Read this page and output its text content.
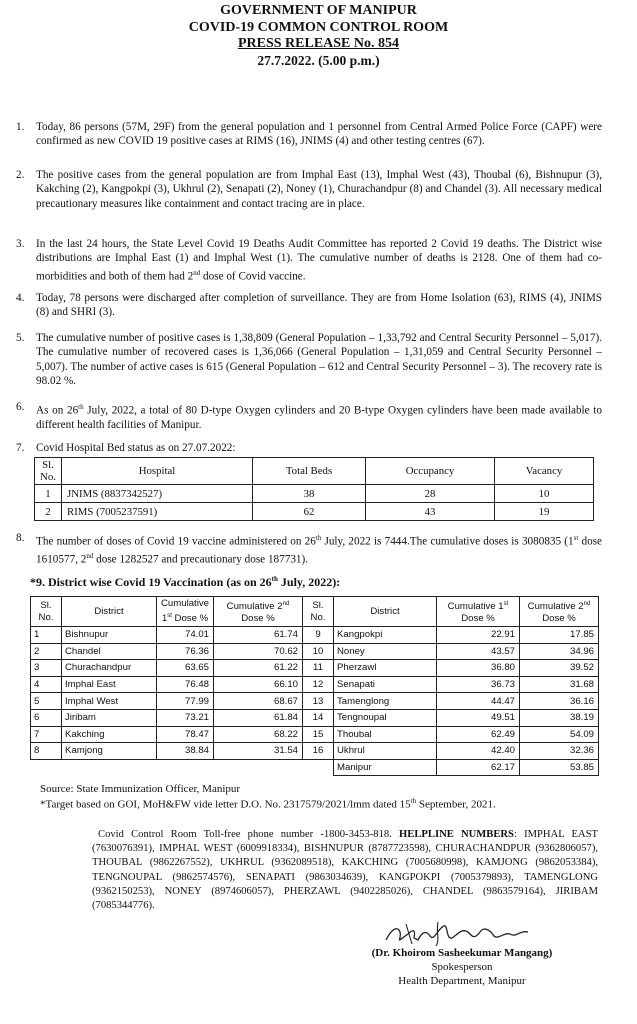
GOVERNMENT OF MANIPUR
COVID-19 COMMON CONTROL ROOM
PRESS RELEASE No. 854
27.7.2022. (5.00 p.m.)
1. Today, 86 persons (57M, 29F) from the general population and 1 personnel from Central Armed Police Force (CAPF) were confirmed as new COVID 19 positive cases at RIMS (16), JNIMS (4) and other testing centres (67).
2. The positive cases from the general population are from Imphal East (13), Imphal West (43), Thoubal (6), Bishnupur (3), Kakching (2), Kangpokpi (3), Ukhrul (2), Senapati (2), Noney (1), Churachandpur (8) and Chandel (3). All necessary medical precautionary measures like containment and contact tracing are in place.
3. In the last 24 hours, the State Level Covid 19 Deaths Audit Committee has reported 2 Covid 19 deaths. The District wise distributions are Imphal East (1) and Imphal West (1). The cumulative number of deaths is 2128. One of them had co-morbidities and both of them had 2nd dose of Covid vaccine.
4. Today, 78 persons were discharged after completion of surveillance. They are from Home Isolation (63), RIMS (4), JNIMS (8) and SHRI (3).
5. The cumulative number of positive cases is 1,38,809 (General Population – 1,33,792 and Central Security Personnel – 5,017). The cumulative number of recovered cases is 1,36,066 (General Population – 1,31,059 and Central Security Personnel – 5,007). The number of active cases is 615 (General Population – 612 and Central Security Personnel – 3). The recovery rate is 98.02 %.
6. As on 26th July, 2022, a total of 80 D-type Oxygen cylinders and 20 B-type Oxygen cylinders have been made available to different health facilities of Manipur.
7. Covid Hospital Bed status as on 27.07.2022:
Sl. No.	Hospital	Total Beds	Occupancy	Vacancy
1	JNIMS (8837342527)	38	28	10
2	RIMS (7005237591)	62	43	19
8. The number of doses of Covid 19 vaccine administered on 26th July, 2022 is 7444.The cumulative doses is 3080835 (1st dose 1610577, 2nd dose 1282527 and precautionary dose 187731).
*9. District wise Covid 19 Vaccination (as on 26th July, 2022):
Sl. No.	District	Cumulative 1st Dose %	Cumulative 2nd Dose %	Sl. No.	District	Cumulative 1st Dose %	Cumulative 2nd Dose %
1	Bishnupur	74.01	61.74	9	Kangpokpi	22.91	17.85
2	Chandel	76.36	70.62	10	Noney	43.57	34.96
3	Churachandpur	63.65	61.22	11	Pherzawl	36.80	39.52
4	Imphal East	76.48	66.10	12	Senapati	36.73	31.68
5	Imphal West	77.99	68.67	13	Tamenglong	44.47	36.16
6	Jiribam	73.21	61.84	14	Tengnoupal	49.51	38.19
7	Kakching	78.47	68.22	15	Thoubal	62.49	54.09
8	Kamjong	38.84	31.54	16	Ukhrul	42.40	32.36
					Manipur	62.17	53.85
Source: State Immunization Officer, Manipur
*Target based on GOI, MoH&FW vide letter D.O. No. 2317579/2021/lmm dated 15th September, 2021.
Covid Control Room Toll-free phone number -1800-3453-818. HELPLINE NUMBERS: IMPHAL EAST (7630076391), IMPHAL WEST (6009918334), BISHNUPUR (8787723598), CHURACHANDPUR (9362806057), THOUBAL (9862267552), UKHRUL (9362089518), KAKCHING (7005680998), KAMJONG (9862053384), TENGNOUPAL (9862574576), SENAPATI (9863034639), KANGPOKPI (7005379893), TAMENGLONG (9362150253), NONEY (8974606057), PHERZAWL (9402285026), CHANDEL (9863579164), JIRIBAM (7085344776).
(Dr. Khoirom Sasheekumar Mangang)
Spokesperson
Health Department, Manipur
